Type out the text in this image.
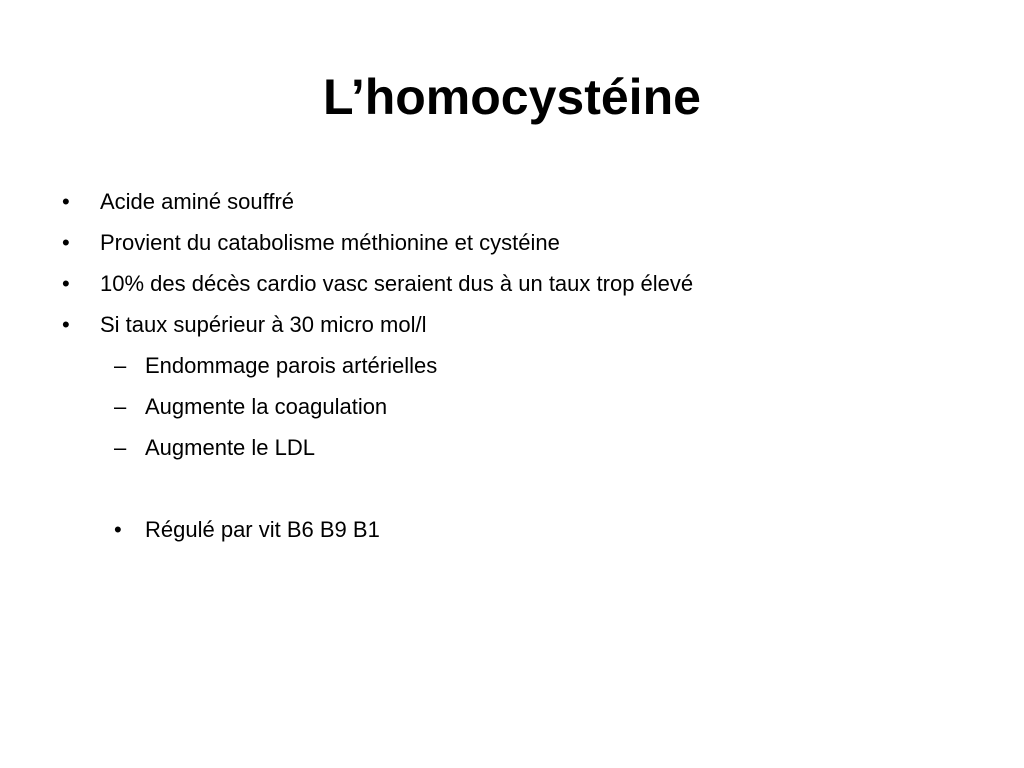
L’homocystéine
• Acide aminé souffré
• Provient du catabolisme méthionine et cystéine
• 10% des décès cardio vasc seraient dus à un taux trop élevé
• Si taux supérieur à 30 micro mol/l
– Endommage parois artérielles
– Augmente la coagulation
– Augmente le LDL
• Régulé par vit B6 B9 B1
